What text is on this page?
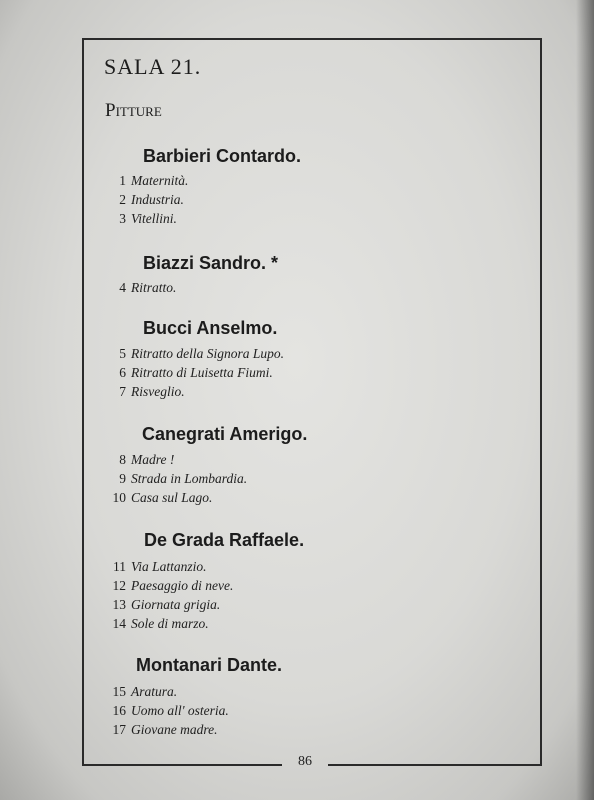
86
SALA 21.
Pitture
Barbieri Contardo.
1 Maternità.
2 Industria.
3 Vitellini.
Biazzi Sandro. *
4 Ritratto.
Bucci Anselmo.
5 Ritratto della Signora Lupo.
6 Ritratto di Luisetta Fiumi.
7 Risveglio.
Canegrati Amerigo.
8 Madre !
9 Strada in Lombardia.
10 Casa sul Lago.
De Grada Raffaele.
11 Via Lattanzio.
12 Paesaggio di neve.
13 Giornata grigia.
14 Sole di marzo.
Montanari Dante.
15 Aratura.
16 Uomo all' osteria.
17 Giovane madre.
